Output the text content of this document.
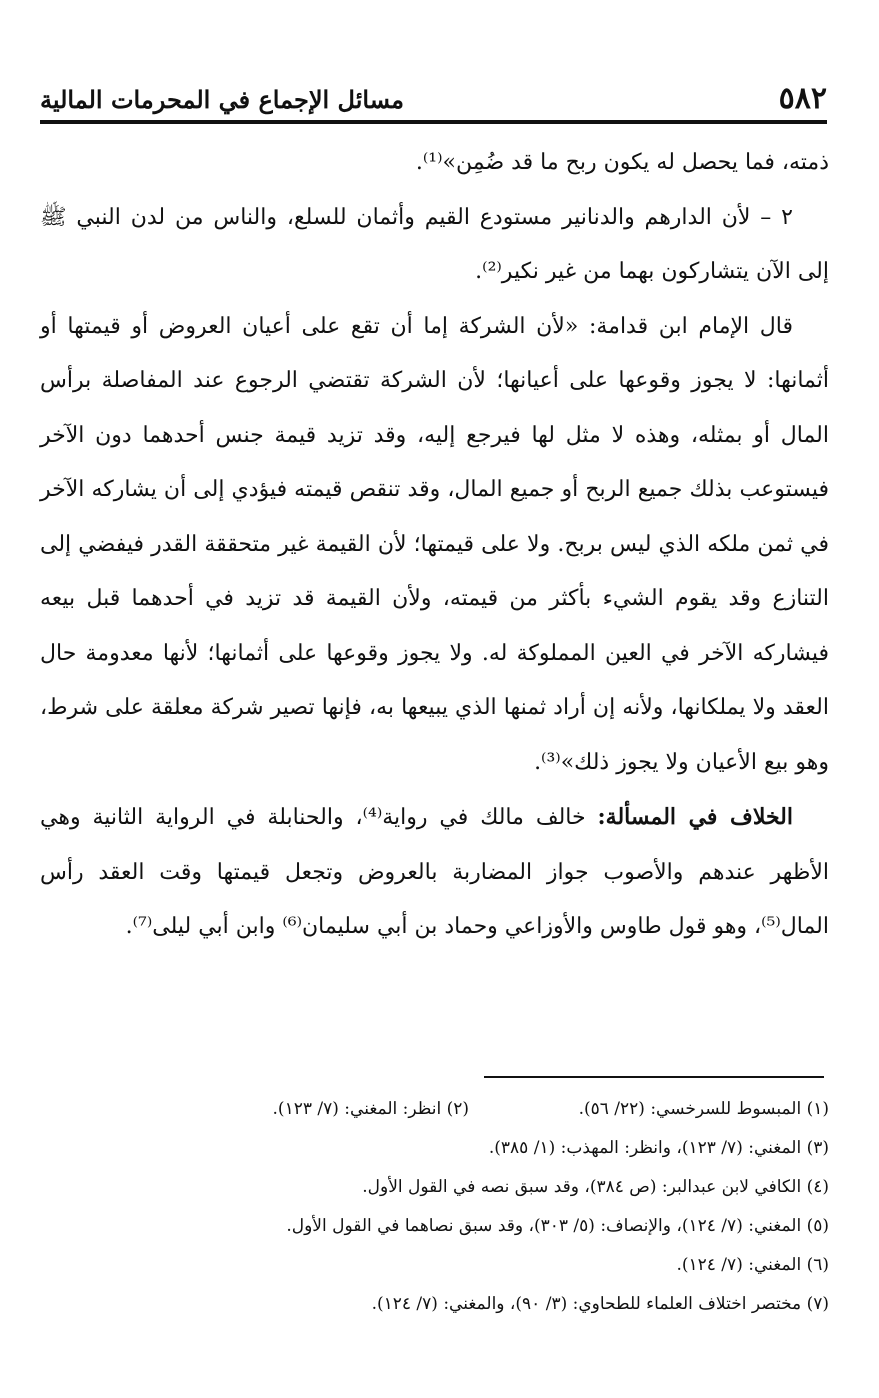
٥٨٢
مسائل الإجماع في المحرمات المالية

ذمته، فما يحصل له يكون ربح ما قد ضُمِن»⁽¹⁾.

٢ – لأن الدارهم والدنانير مستودع القيم وأثمان للسلع، والناس من لدن النبي ﷺ إلى الآن يتشاركون بهما من غير نكير⁽²⁾.

قال الإمام ابن قدامة: «لأن الشركة إما أن تقع على أعيان العروض أو قيمتها أو أثمانها: لا يجوز وقوعها على أعيانها؛ لأن الشركة تقتضي الرجوع عند المفاصلة برأس المال أو بمثله، وهذه لا مثل لها فيرجع إليه، وقد تزيد قيمة جنس أحدهما دون الآخر فيستوعب بذلك جميع الربح أو جميع المال، وقد تنقص قيمته فيؤدي إلى أن يشاركه الآخر في ثمن ملكه الذي ليس بربح. ولا على قيمتها؛ لأن القيمة غير متحققة القدر فيفضي إلى التنازع وقد يقوم الشيء بأكثر من قيمته، ولأن القيمة قد تزيد في أحدهما قبل بيعه فيشاركه الآخر في العين المملوكة له. ولا يجوز وقوعها على أثمانها؛ لأنها معدومة حال العقد ولا يملكانها، ولأنه إن أراد ثمنها الذي يبيعها به، فإنها تصير شركة معلقة على شرط، وهو بيع الأعيان ولا يجوز ذلك»⁽³⁾.

الخلاف في المسألة: خالف مالك في رواية⁽⁴⁾، والحنابلة في الرواية الثانية وهي الأظهر عندهم والأصوب جواز المضاربة بالعروض وتجعل قيمتها وقت العقد رأس المال⁽⁵⁾، وهو قول طاوس والأوزاعي وحماد بن أبي سليمان⁽⁶⁾ وابن أبي ليلى⁽⁷⁾.

(١) المبسوط للسرخسي: (٢٢/ ٥٦).
(٢) انظر: المغني: (٧/ ١٢٣).
(٣) المغني: (٧/ ١٢٣)، وانظر: المهذب: (١/ ٣٨٥).
(٤) الكافي لابن عبدالبر: (ص ٣٨٤)، وقد سبق نصه في القول الأول.
(٥) المغني: (٧/ ١٢٤)، والإنصاف: (٥/ ٣٠٣)، وقد سبق نصاهما في القول الأول.
(٦) المغني: (٧/ ١٢٤).
(٧) مختصر اختلاف العلماء للطحاوي: (٣/ ٩٠)، والمغني: (٧/ ١٢٤).
